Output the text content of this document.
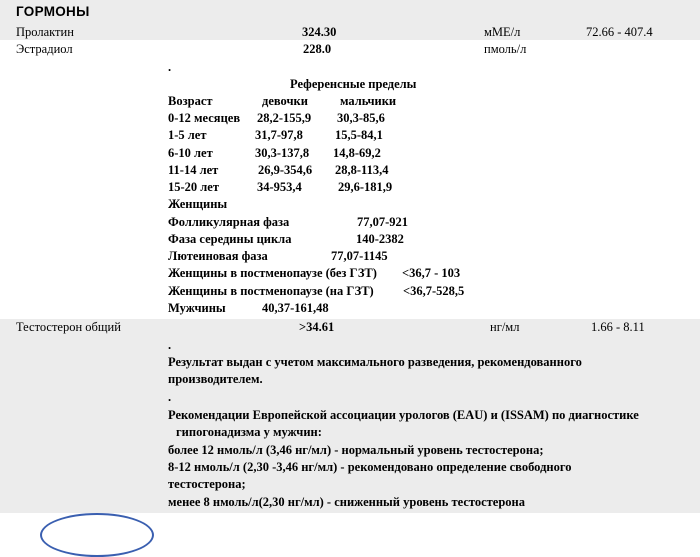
ГОРМОНЫ
Пролактин	324.30	мМЕ/л	72.66 - 407.4
Эстрадиол	228.0	пмоль/л
.
Референсные пределы
Возраст	девочки	мальчики
0-12 месяцев 28,2-155,9 30,3-85,6
1-5 лет	31,7-97,8	15,5-84,1
6-10 лет	30,3-137,8 14,8-69,2
11-14 лет	26,9-354,6 28,8-113,4
15-20 лет	34-953,4	29,6-181,9
Женщины
Фолликулярная фаза	77,07-921
Фаза середины цикла	140-2382
Лютеиновая фаза	77,07-1145
Женщины в постменопаузе (без ГЗТ) <36,7 - 103
Женщины в постменопаузе (на ГЗТ) <36,7-528,5
Мужчины	40,37-161,48
Тестостерон общий	>34.61	нг/мл	1.66 - 8.11
.
Результат выдан с учетом максимального разведения, рекомендованного
производителем.
.
Рекомендации Европейской ассоциации урологов (EAU) и (ISSAM) по диагностике
гипогонадизма у мужчин:
более 12 нмоль/л (3,46 нг/мл) - нормальный уровень тестостерона;
8-12 нмоль/л (2,30 -3,46 нг/мл) - рекомендовано определение свободного
тестостерона;
менее 8 нмоль/л(2,30 нг/мл) - сниженный уровень тестостерона
